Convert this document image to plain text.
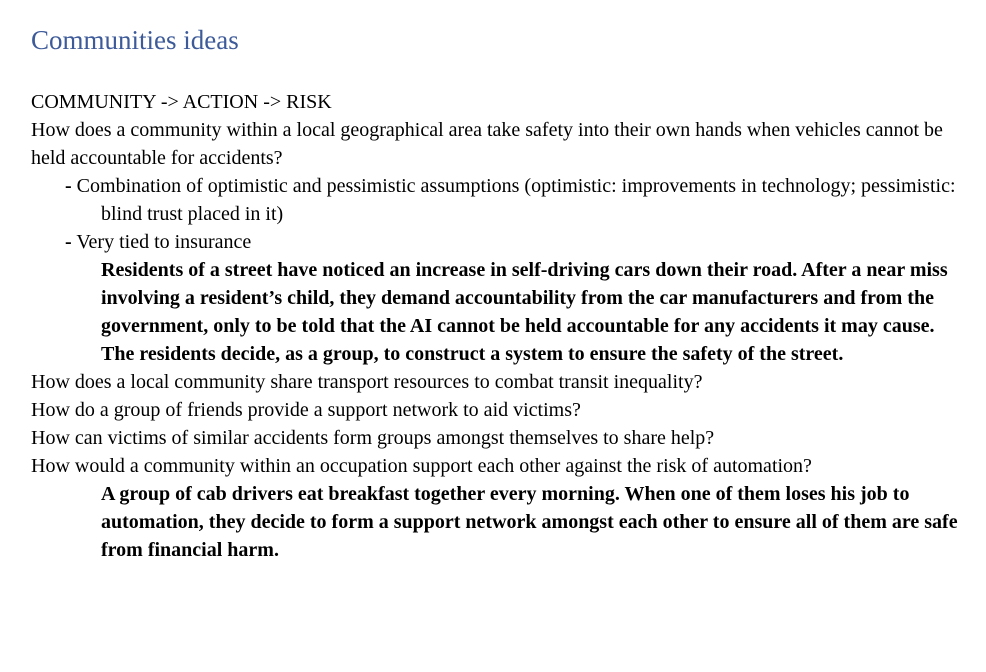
Communities ideas

COMMUNITY -> ACTION -> RISK

How does a community within a local geographical area take safety into their own hands when vehicles cannot be held accountable for accidents?

- Combination of optimistic and pessimistic assumptions (optimistic: improvements in technology; pessimistic: blind trust placed in it)

- Very tied to insurance

Residents of a street have noticed an increase in self-driving cars down their road. After a near miss involving a resident’s child, they demand accountability from the car manufacturers and from the government, only to be told that the AI cannot be held accountable for any accidents it may cause. The residents decide, as a group, to construct a system to ensure the safety of the street.

How does a local community share transport resources to combat transit inequality?

How do a group of friends provide a support network to aid victims?

How can victims of similar accidents form groups amongst themselves to share help?

How would a community within an occupation support each other against the risk of automation?

A group of cab drivers eat breakfast together every morning. When one of them loses his job to automation, they decide to form a support network amongst each other to ensure all of them are safe from financial harm.
